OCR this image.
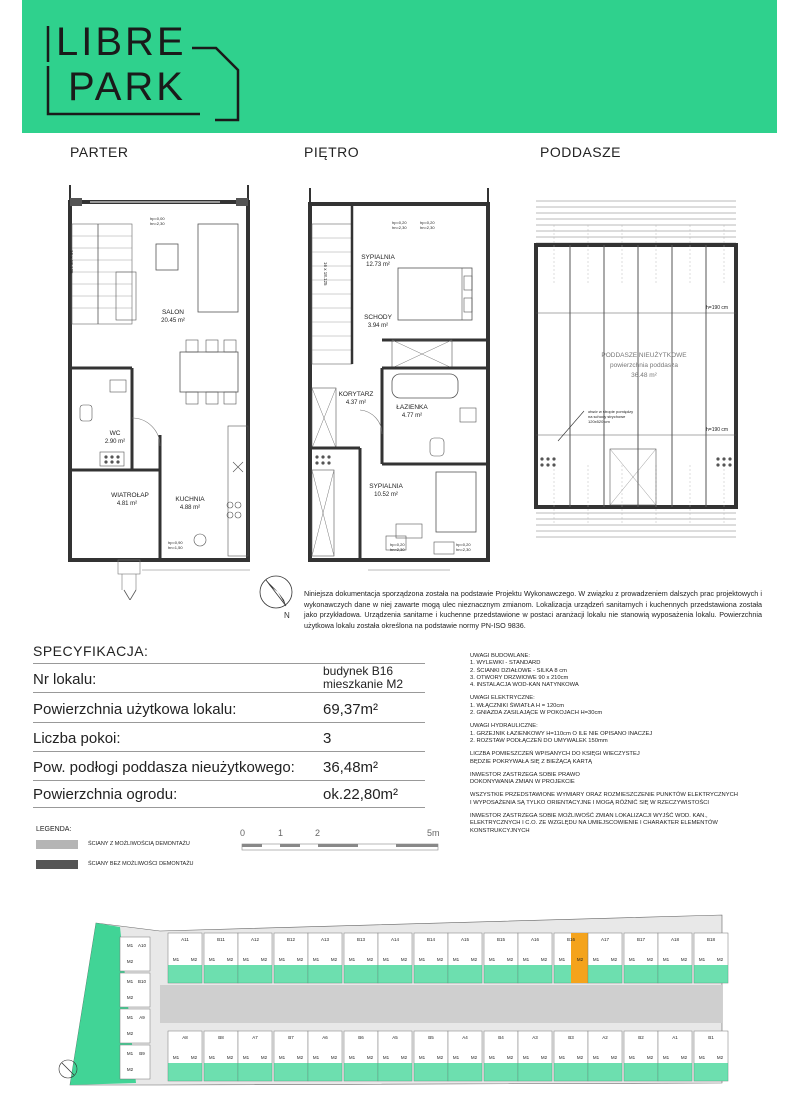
LIBRE
PARK
PARTER	PIĘTRO	PODDASZE
SALON
20.45 m²
WC
2.90 m²
WIATROŁAP
4.81 m²
KUCHNIA
4.88 m²
hp=0,00
hn=2,30
hp=0,90
hn=1,50
16 x 18.125	SYPIALNIA
12.73 m²
SCHODY
3.94 m²
KORYTARZ
4.37 m²
ŁAZIENKA
4.77 m²
SYPIALNIA
10.52 m²
hp=0,20
hn=2,30
hp=0,20
hn=2,30
hp=0,20
hn=2,30
hp=0,20
hn=2,30
16 x 18.125
h=190 cm
h=190 cm
PODDASZE NIEUŻYTKOWE
powierzchnia poddasza
36.48 m²
otwór w stropie pomiędzy
na schody strychowe
120x520 cm
N
Niniejsza dokumentacja sporządzona została na podstawie Projektu Wykonawczego. W związku z prowadzeniem dalszych prac projektowych i wykonawczych dane w niej zawarte mogą ulec nieznacznym zmianom. Lokalizacja urządzeń sanitarnych i kuchennych przedstawiona została jako przykładowa. Urządzenia sanitarne i kuchenne przedstawione w postaci aranżacji lokalu nie stanowią wyposażenia lokalu. Powierzchnia użytkowa lokalu została określona na podstawie normy PN-ISO 9836.
SPECYFIKACJA:
Nr lokalu:	budynek B16
mieszkanie M2
Powierzchnia użytkowa lokalu:	69,37m²
Liczba pokoi:	3
Pow. podłogi poddasza nieużytkowego: 36,48m²
Powierzchnia ogrodu:	ok.22,80m²
UWAGI BUDOWLANE:
1. WYLEWKI - STANDARD
2. ŚCIANKI DZIAŁOWE - SILKA 8 cm
3. OTWORY DRZWIOWE 90 x 210cm
4. INSTALACJA WOD-KAN NATYNKOWA
UWAGI ELEKTRYCZNE:
1. WŁĄCZNIKI ŚWIATŁA H = 120cm
2. GNIAZDA ZASILAJĄCE W POKOJACH H=30cm
UWAGI HYDRAULICZNE:
1. GRZEJNIK ŁAZIENKOWY H=110cm O ILE NIE OPISANO INACZEJ
2. ROZSTAW PODŁĄCZEŃ DO UMYWALEK 150mm
LICZBA POMIESZCZEŃ WPISANYCH DO KSIĘGI WIECZYSTEJ
BĘDZIE POKRYWAŁA SIĘ Z BIEŻĄCĄ KARTĄ
INWESTOR ZASTRZEGA SOBIE PRAWO
DOKONYWANIA ZMIAN W PROJEKCIE
WSZYSTKIE PRZEDSTAWIONE WYMIARY ORAZ ROZMIESZCZENIE PUNKTÓW ELEKTRYCZNYCH
I WYPOSAŻENIA SĄ TYLKO ORIENTACYJNE I MOGĄ RÓŻNIĆ SIĘ W RZECZYWISTOŚCI
INWESTOR ZASTRZEGA SOBIE MOŻLIWOŚĆ ZMIAN LOKALIZACJI WYJŚĆ WOD. KAN.,
ELEKTRYCZNYCH I C.O. ZE WZGLĘDU NA UMIEJSCOWIENIE I CHARAKTER ELEMENTÓW
KONSTRUKCYJNYCH
LEGENDA:
ŚCIANY Z MOŻLIWOŚCIĄ DEMONTAŻU
ŚCIANY BEZ MOŻLIWOŚCI DEMONTAŻU
0	1	2	5m
A11
M1	M2
B11
M1	M2
A12
M1	M2
B12
M1	M2
A13
M1	M2
B13
M1	M2
A14
M1	M2
B14
M1	M2
A15
M1	M2
B15
M1	M2
A16
M1	M2
B16
M1	M2
A17
M1	M2
B17
M1	M2
A18
M1	M2
B18
M1	M2
A8
M1	M2
B8
M1	M2
A7
M1	M2
B7
M1	M2
A6
M1	M2
B6
M1	M2
A5
M1	M2
B5
M1	M2
A4
M1	M2
B4
M1	M2
A3
M1	M2
B3
M1	M2
A2
M1	M2
B2
M1	M2
A1
M1	M2
B1
M1	M2
A10
M1
M2
B10
M1
M2
A9
M1
M2
B9
M1
M2
